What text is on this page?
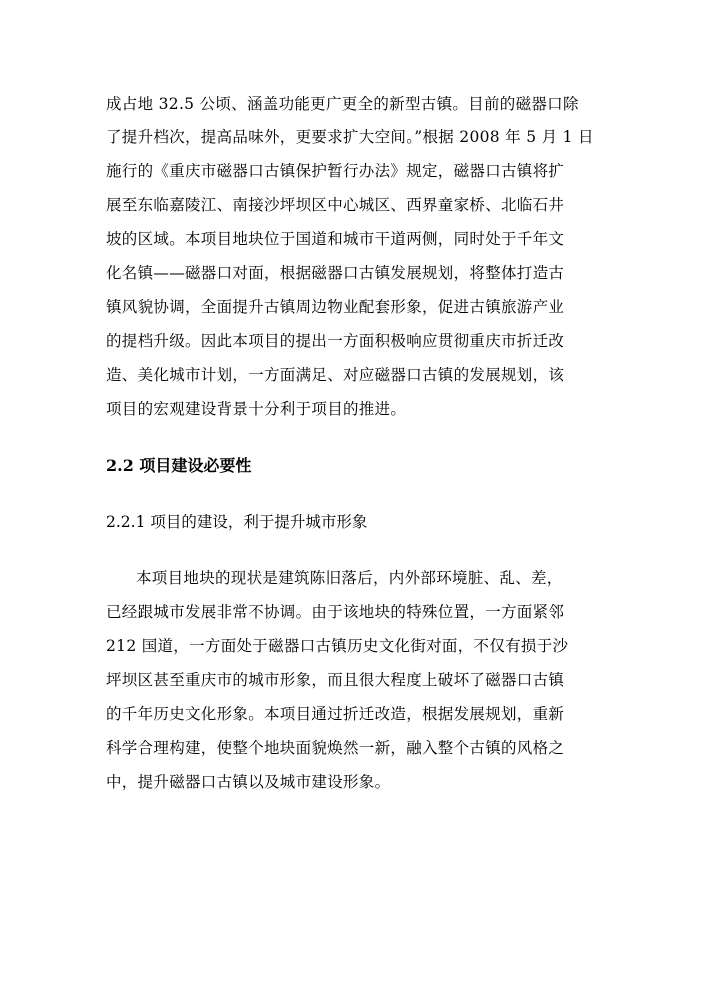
成占地 32.5 公顷、涵盖功能更广更全的新型古镇。目前的磁器口除
了提升档次，提高品味外，更要求扩大空间。”根据 2008 年 5 月 1 日
施行的《重庆市磁器口古镇保护暂行办法》规定，磁器口古镇将扩
展至东临嘉陵江、南接沙坪坝区中心城区、西界童家桥、北临石井
坡的区域。本项目地块位于国道和城市干道两侧，同时处于千年文
化名镇——磁器口对面，根据磁器口古镇发展规划，将整体打造古
镇风貌协调，全面提升古镇周边物业配套形象，促进古镇旅游产业
的提档升级。因此本项目的提出一方面积极响应贯彻重庆市折迁改
造、美化城市计划，一方面满足、对应磁器口古镇的发展规划，该
项目的宏观建设背景十分利于项目的推进。
2.2 项目建设必要性
2.2.1 项目的建设，利于提升城市形象
本项目地块的现状是建筑陈旧落后，内外部环境脏、乱、差，
已经跟城市发展非常不协调。由于该地块的特殊位置，一方面紧邻
212 国道，一方面处于磁器口古镇历史文化街对面，不仅有损于沙
坪坝区甚至重庆市的城市形象，而且很大程度上破坏了磁器口古镇
的千年历史文化形象。本项目通过折迁改造，根据发展规划，重新
科学合理构建，使整个地块面貌焕然一新，融入整个古镇的风格之
中，提升磁器口古镇以及城市建设形象。
